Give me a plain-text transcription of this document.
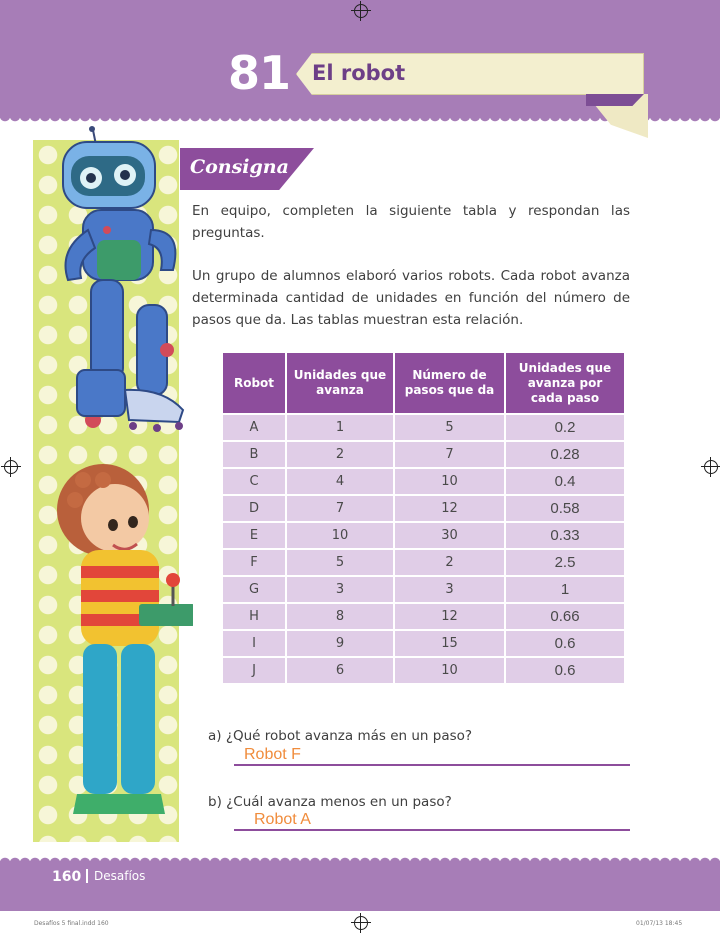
81 El robot
Consigna
En equipo, completen la siguiente tabla y respondan las preguntas.
Un grupo de alumnos elaboró varios robots. Cada robot avanza determinada cantidad de unidades en función del número de pasos que da. Las tablas muestran esta relación.
Robot	Unidades que avanza	Número de pasos que da	Unidades que avanza por cada paso
A	1	5	0.2
B	2	7	0.28
C	4	10	0.4
D	7	12	0.58
E	10	30	0.33
F	5	2	2.5
G	3	3	1
H	8	12	0.66
I	9	15	0.6
J	6	10	0.6
a) ¿Qué robot avanza más en un paso?
Robot F
b) ¿Cuál avanza menos en un paso?
Robot A
160 Desafíos
Desafíos 5 final.indd 160	01/07/13 18:45
